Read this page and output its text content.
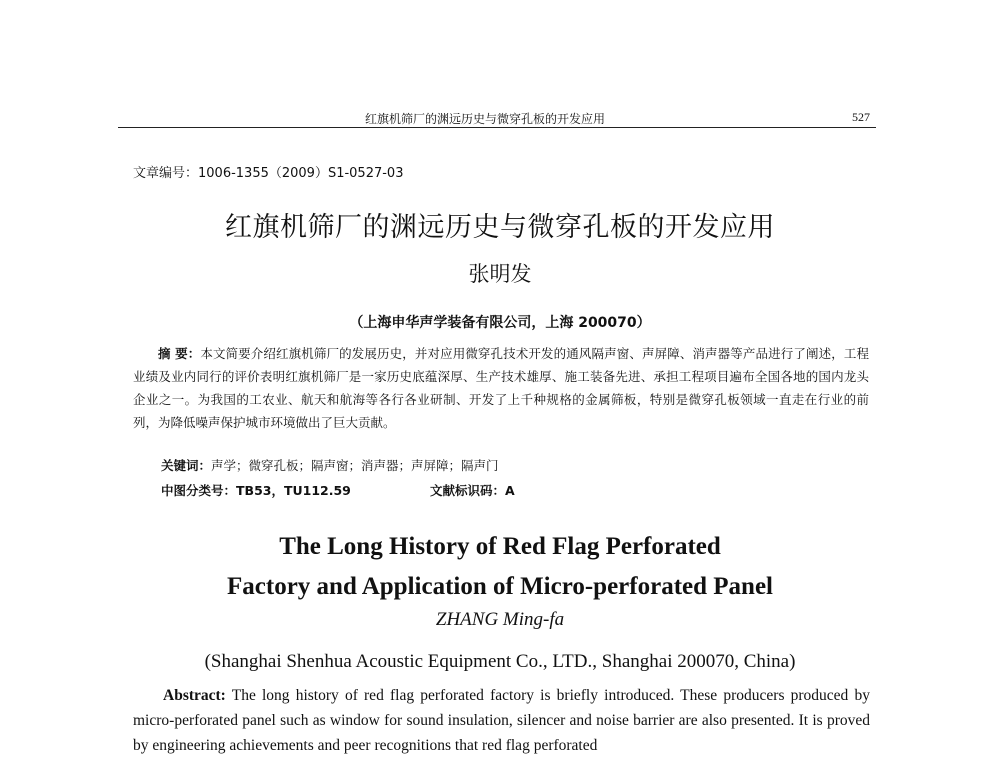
红旗机筛厂的渊远历史与微穿孔板的开发应用	527
文章编号：1006-1355（2009）S1-0527-03
红旗机筛厂的渊远历史与微穿孔板的开发应用
张明发
（上海申华声学装备有限公司，上海 200070）
摘 要：本文简要介绍红旗机筛厂的发展历史，并对应用微穿孔技术开发的通风隔声窗、声屏障、消声器等产品进行了阐述，工程业绩及业内同行的评价表明红旗机筛厂是一家历史底蕴深厚、生产技术雄厚、施工装备先进、承担工程项目遍布全国各地的国内龙头企业之一。为我国的工农业、航天和航海等各行各业研制、开发了上千种规格的金属筛板，特别是微穿孔板领域一直走在行业的前列，为降低噪声保护城市环境做出了巨大贡献。
关键词：声学；微穿孔板；隔声窗；消声器；声屏障；隔声门
中图分类号：TB53，TU112.59	文献标识码：A
The Long History of Red Flag Perforated
Factory and Application of Micro-perforated Panel
ZHANG Ming-fa
(Shanghai Shenhua Acoustic Equipment Co., LTD., Shanghai 200070, China)
Abstract: The long history of red flag perforated factory is briefly introduced. These producers produced by micro-perforated panel such as window for sound insulation, silencer and noise barrier are also presented. It is proved by engineering achievements and peer recognitions that red flag perforated
